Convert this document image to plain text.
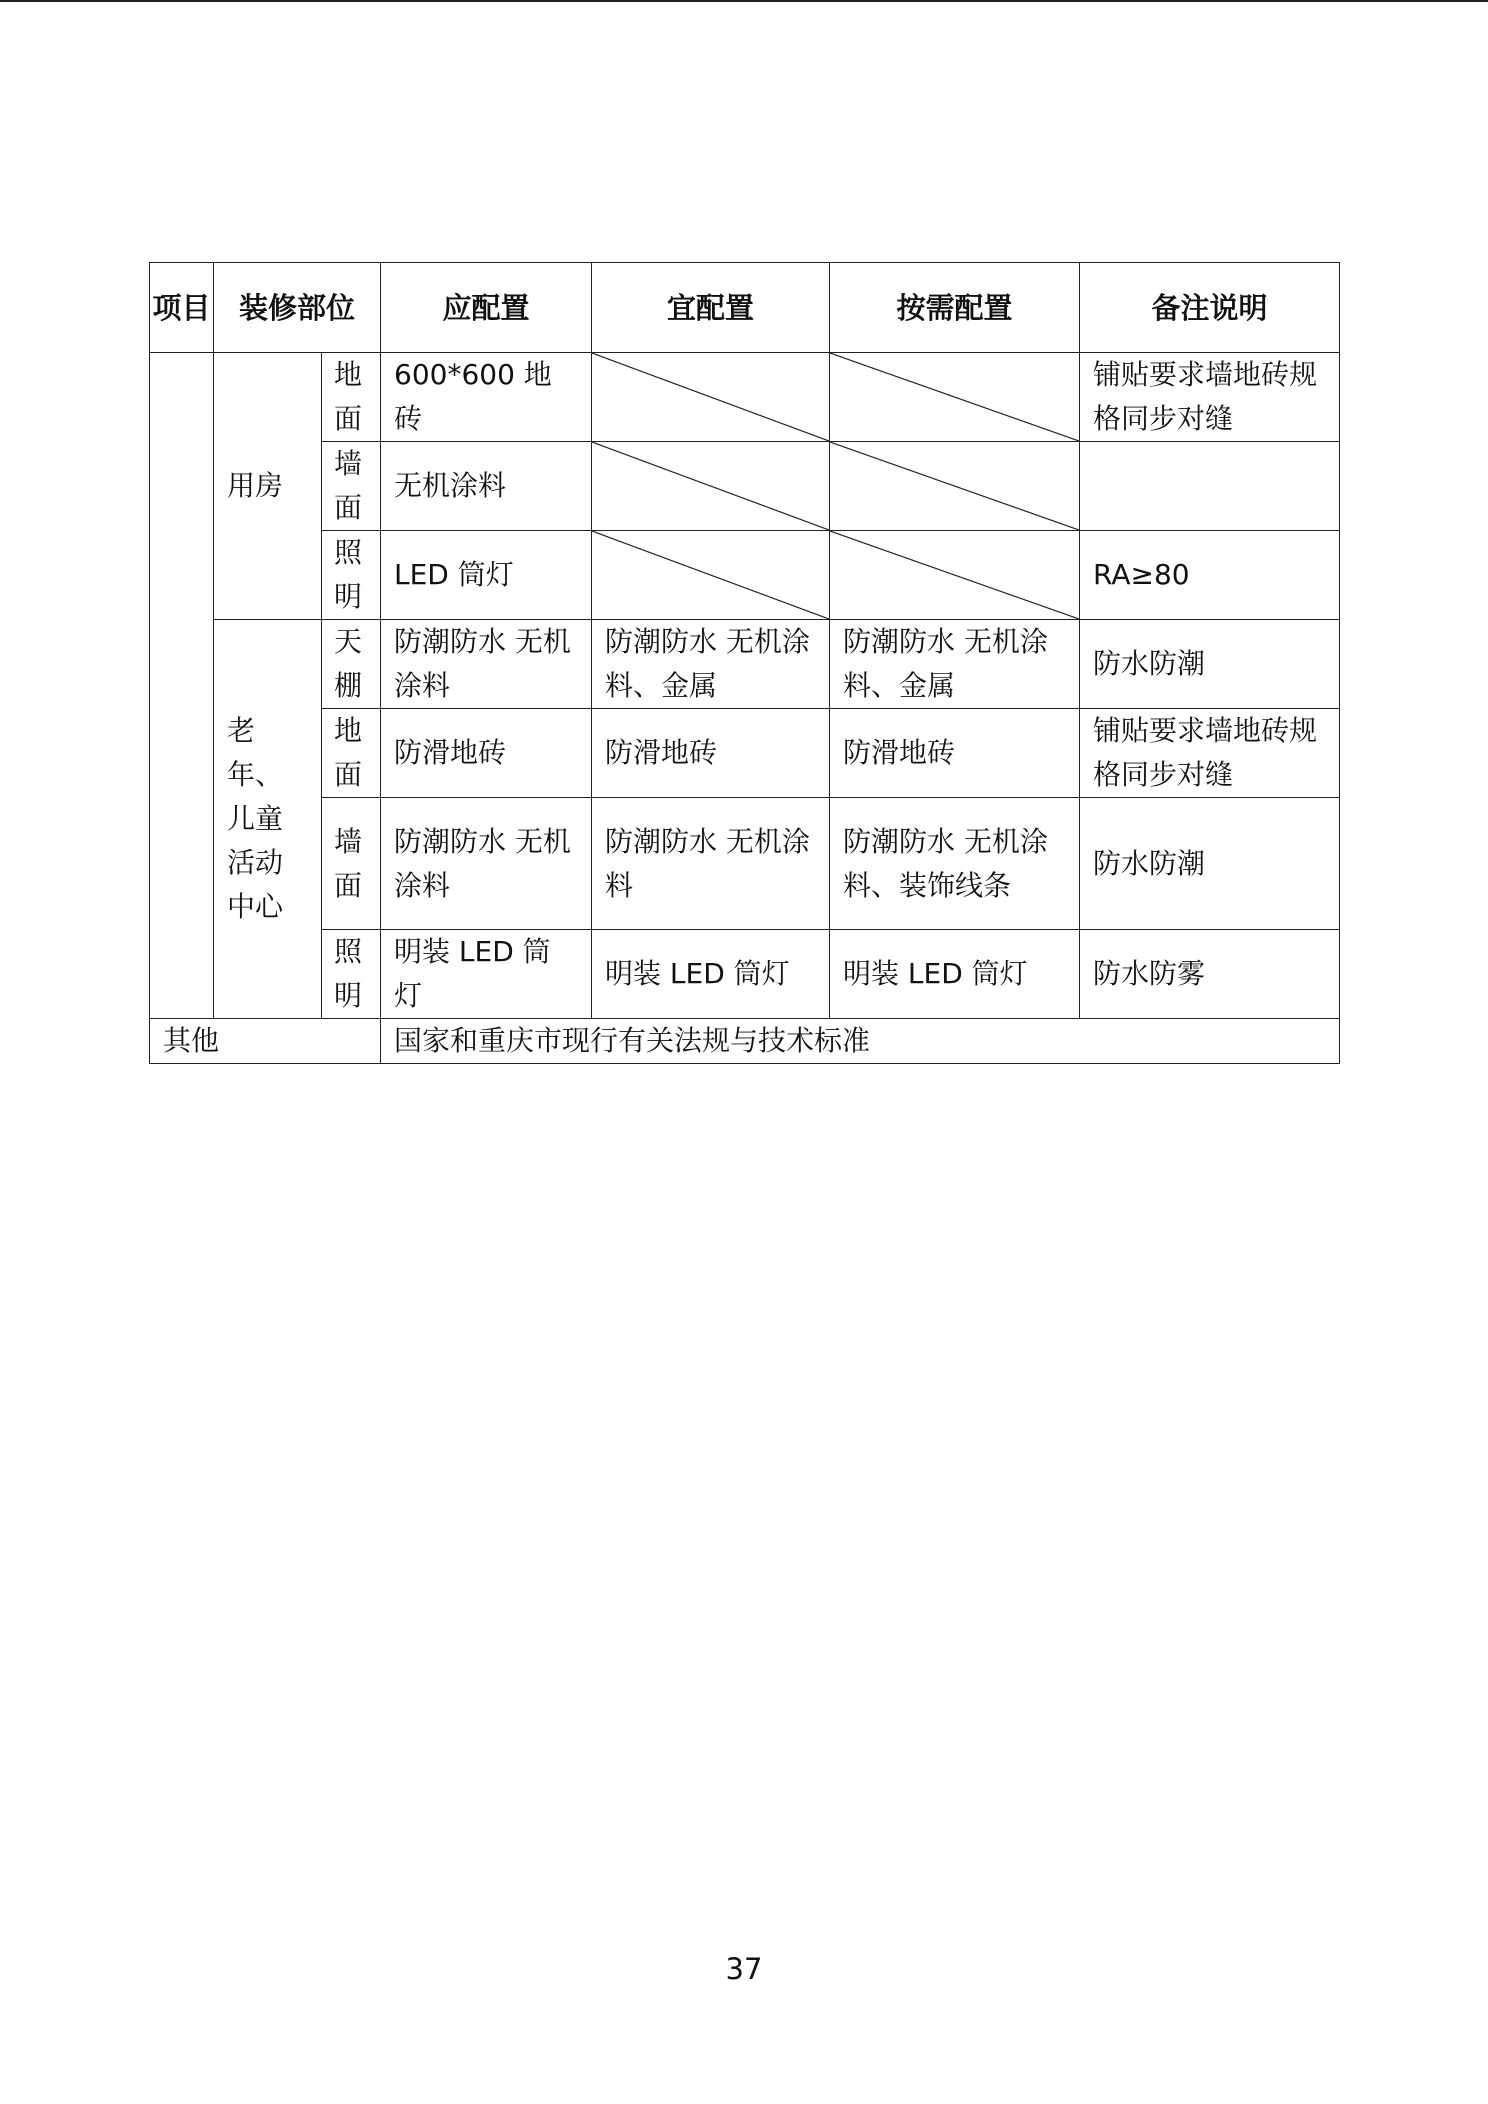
项目	装修部位		应配置	宜配置	按需配置	备注说明
	用房	地面	600*600 地砖			铺贴要求墙地砖规格同步对缝
		墙面	无机涂料	

		照明	LED 筒灯			RA≥80
	老年、儿童活动中心	天棚	防潮防水 无机涂料	防潮防水 无机涂料、金属	防潮防水 无机涂料、金属	防水防潮
		地面	防滑地砖	防滑地砖	防滑地砖	铺贴要求墙地砖规格同步对缝
		墙面	防潮防水 无机涂料	防潮防水 无机涂料	防潮防水 无机涂料、装饰线条	防水防潮
		照明	明装 LED 筒灯	明装 LED 筒灯	明装 LED 筒灯	防水防雾
其他			国家和重庆市现行有关法规与技术标准			
37
